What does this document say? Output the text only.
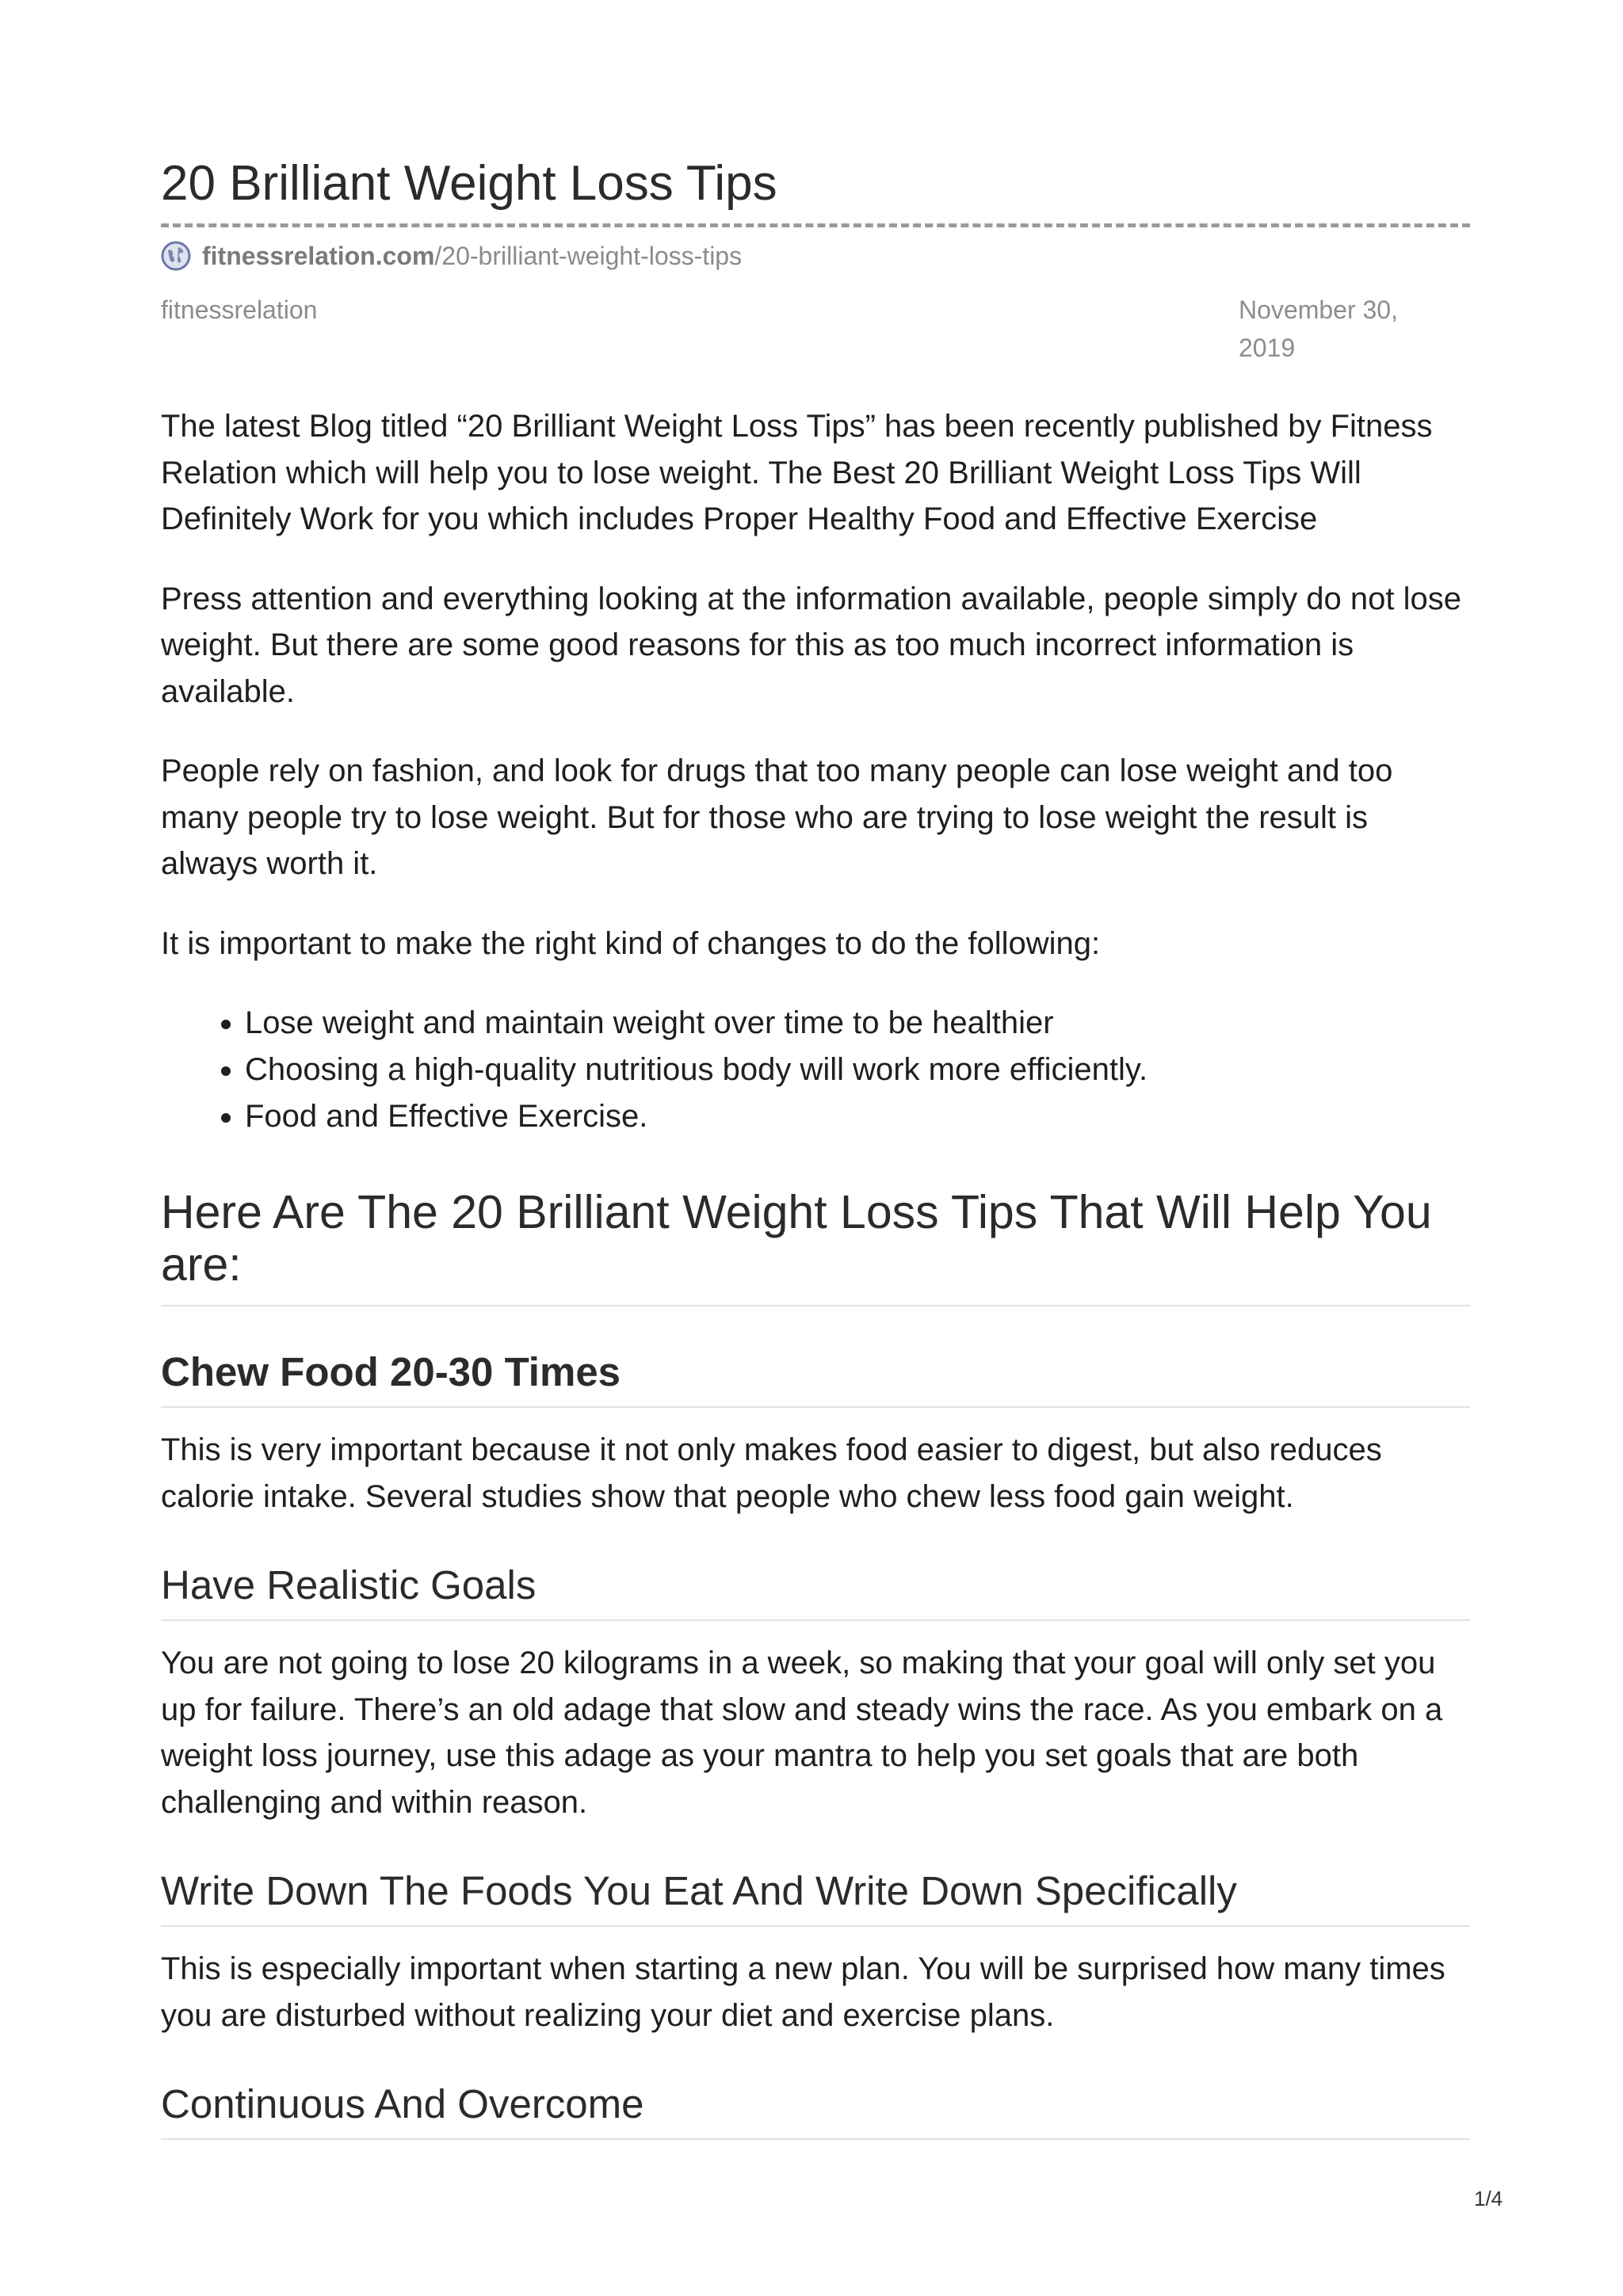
20 Brilliant Weight Loss Tips
fitnessrelation.com /20-brilliant-weight-loss-tips
fitnessrelation	November 30, 2019

The latest Blog titled “20 Brilliant Weight Loss Tips” has been recently published by Fitness Relation which will help you to lose weight. The Best 20 Brilliant Weight Loss Tips Will Definitely Work for you which includes Proper Healthy Food and Effective Exercise

Press attention and everything looking at the information available, people simply do not lose weight. But there are some good reasons for this as too much incorrect information is available.

People rely on fashion, and look for drugs that too many people can lose weight and too many people try to lose weight. But for those who are trying to lose weight the result is always worth it.

It is important to make the right kind of changes to do the following:

• Lose weight and maintain weight over time to be healthier
• Choosing a high-quality nutritious body will work more efficiently.
• Food and Effective Exercise.
Here Are The 20 Brilliant Weight Loss Tips That Will Help You are:
Chew Food 20-30 Times

This is very important because it not only makes food easier to digest, but also reduces calorie intake. Several studies show that people who chew less food gain weight.

Have Realistic Goals

You are not going to lose 20 kilograms in a week, so making that your goal will only set you up for failure. There’s an old adage that slow and steady wins the race. As you embark on a weight loss journey, use this adage as your mantra to help you set goals that are both challenging and within reason.

Write Down The Foods You Eat And Write Down Specifically

This is especially important when starting a new plan. You will be surprised how many times you are disturbed without realizing your diet and exercise plans.

Continuous And Overcome
1/4
